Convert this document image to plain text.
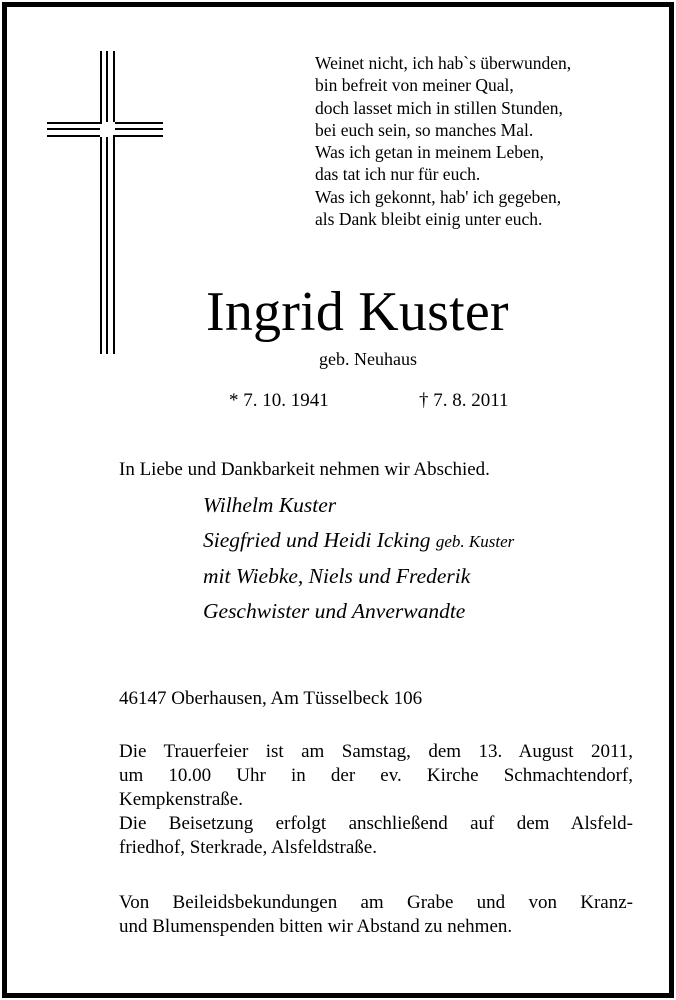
Weinet nicht, ich hab`s überwunden,
bin befreit von meiner Qual,
doch lasset mich in stillen Stunden,
bei euch sein, so manches Mal.
Was ich getan in meinem Leben,
das tat ich nur für euch.
Was ich gekonnt, hab' ich gegeben,
als Dank bleibt einig unter euch.
Ingrid Kuster
geb. Neuhaus
* 7. 10. 1941	† 7. 8. 2011
In Liebe und Dankbarkeit nehmen wir Abschied.
Wilhelm Kuster
Siegfried und Heidi Icking geb. Kuster
mit Wiebke, Niels und Frederik
Geschwister und Anverwandte
46147 Oberhausen, Am Tüsselbeck 106
Die Trauerfeier ist am Samstag, dem 13. August 2011,
um 10.00 Uhr in der ev. Kirche Schmachtendorf,
Kempkenstraße.
Die Beisetzung erfolgt anschließend auf dem Alsfeld-
friedhof, Sterkrade, Alsfeldstraße.
Von Beileidsbekundungen am Grabe und von Kranz-
und Blumenspenden bitten wir Abstand zu nehmen.
